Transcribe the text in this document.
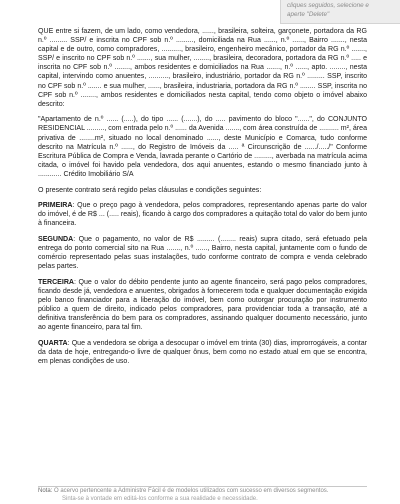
cliques seguidos, selecione e
aperte "Delete"

QUE entre si fazem, de um lado, como vendedora, ......, brasileira, solteira, garçonete, portadora da RG n.º ......... SSP/ e inscrita no CPF sob n.º ........., domiciliada na Rua ......, n.º ......, Bairro ......., nesta capital e de outro, como compradores, .........., brasileiro, engenheiro mecânico, portador da RG n.º ......., SSP/ e inscrito no CPF sob n.º ......., sua mulher, ........, brasileira, decoradora, portadora da RG n.º ..... e inscrita no CPF sob n.º ........, ambos residentes e domiciliados na Rua ......., n.º ......, apto. ........, nesta capital, intervindo como anuentes, .........., brasileiro, industriário, portador da RG n.º ......... SSP, inscrito no CPF sob n.º ....... e sua mulher, ......, brasileira, industriaria, portadora da RG n.º ........ SSP, inscrita no CPF sob n.º ........, ambos residentes e domiciliados nesta capital, tendo como objeto o imóvel abaixo descrito:

"Apartamento de n.º ...... (.....), do tipo ...... (.......), do ..... pavimento do bloco "......", do CONJUNTO RESIDENCIAL ........., com entrada pelo n.º ...... da Avenida ......., com área construída de .......... m², área privativa de ........m², situado no local denominado ......, deste Município e Comarca, tudo conforme descrito na Matrícula n.º ......, do Registro de Imóveis da ..... ª Circunscrição de ....../...../" Conforme Escritura Pública de Compra e Venda, lavrada perante o Cartório de ........., averbada na matrícula acima citada, o imóvel foi havido pela vendedora, dos aqui anuentes, estando o mesmo financiado junto à ............ Crédito Imobiliário S/A

O presente contrato será regido pelas cláusulas e condições seguintes:

PRIMEIRA: Que o preço pago à vendedora, pelos compradores, representando apenas parte do valor do imóvel, é de R$ ... (..... reais), ficando à cargo dos compradores a quitação total do valor do bem junto à financeira.

SEGUNDA: Que o pagamento, no valor de R$ ......... (........ reais) supra citado, será efetuado pela entrega do ponto comercial sito na Rua ......., n.º ......, Bairro, nesta capital, juntamente com o fundo de comércio representado pelas suas instalações, tudo conforme contrato de compra e venda celebrado pelas partes.

TERCEIRA: Que o valor do débito pendente junto ao agente financeiro, será pago pelos compradores, ficando desde já, vendedora e anuentes, obrigados à fornecerem toda e qualquer documentação exigida pelo banco financiador para a liberação do imóvel, bem como outorgar procuração por instrumento público a quem de direito, indicado pelos compradores, para providenciar toda a transação, até a definitiva transferência do bem para os compradores, assinando qualquer documento necessário, junto ao agente financeiro, para tal fim.

QUARTA: Que a vendedora se obriga a desocupar o imóvel em trinta (30) dias, improrrogáveis, a contar da data de hoje, entregando-o livre de qualquer ônus, bem como no estado atual em que se encontra, em plenas condições de uso.

Nota: O acervo pertencente a Administre Fácil é de modelos utilizados com sucesso em diversos segmentos.
Sinta-se à vontade em editá-los conforme a sua realidade e necessidade.
